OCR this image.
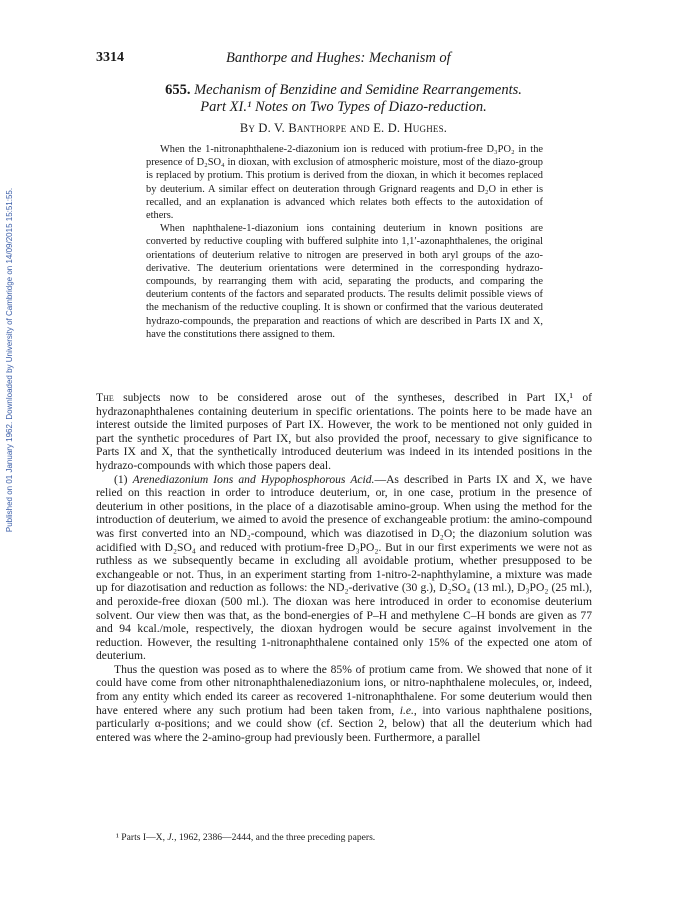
Published on 01 January 1962. Downloaded by University of Cambridge on 14/09/2015 15:51:55.
3314	Banthorpe and Hughes: Mechanism of

655. Mechanism of Benzidine and Semidine Rearrangements.

Part XI.¹ Notes on Two Types of Diazo-reduction.

By D. V. Banthorpe and E. D. Hughes.

When the 1-nitronaphthalene-2-diazonium ion is reduced with protium-free D₃PO₂ in the presence of D₂SO₄ in dioxan, with exclusion of atmospheric moisture, most of the diazo-group is replaced by protium. This protium is derived from the dioxan, in which it becomes replaced by deuterium. A similar effect on deuteration through Grignard reagents and D₂O in ether is recalled, and an explanation is advanced which relates both effects to the autoxidation of ethers.

When naphthalene-1-diazonium ions containing deuterium in known positions are converted by reductive coupling with buffered sulphite into 1,1′-azonaphthalenes, the original orientations of deuterium relative to nitrogen are preserved in both aryl groups of the azo-derivative. The deuterium orientations were determined in the corresponding hydrazo-compounds, by rearranging them with acid, separating the products, and comparing the deuterium contents of the factors and separated products. The results delimit possible views of the mechanism of the reductive coupling. It is shown or confirmed that the various deuterated hydrazo-compounds, the preparation and reactions of which are described in Parts IX and X, have the constitutions there assigned to them.

The subjects now to be considered arose out of the syntheses, described in Part IX,¹ of hydrazonaphthalenes containing deuterium in specific orientations. The points here to be made have an interest outside the limited purposes of Part IX. However, the work to be mentioned not only guided in part the synthetic procedures of Part IX, but also provided the proof, necessary to give significance to Parts IX and X, that the synthetically introduced deuterium was indeed in its intended positions in the hydrazo-compounds with which those papers deal.

(1) Arenediazonium Ions and Hypophosphorous Acid.—As described in Parts IX and X, we have relied on this reaction in order to introduce deuterium, or, in one case, protium in the presence of deuterium in other positions, in the place of a diazotisable amino-group. When using the method for the introduction of deuterium, we aimed to avoid the presence of exchangeable protium: the amino-compound was first converted into an ND₂-compound, which was diazotised in D₂O; the diazonium solution was acidified with D₂SO₄ and reduced with protium-free D₃PO₂. But in our first experiments we were not as ruthless as we subsequently became in excluding all avoidable protium, whether presupposed to be exchangeable or not. Thus, in an experiment starting from 1-nitro-2-naphthylamine, a mixture was made up for diazotisation and reduction as follows: the ND₂-derivative (30 g.), D₂SO₄ (13 ml.), D₃PO₂ (25 ml.), and peroxide-free dioxan (500 ml.). The dioxan was here introduced in order to economise deuterium solvent. Our view then was that, as the bond-energies of P–H and methylene C–H bonds are given as 77 and 94 kcal./mole, respectively, the dioxan hydrogen would be secure against involvement in the reduction. However, the resulting 1-nitronaphthalene contained only 15% of the expected one atom of deuterium.

Thus the question was posed as to where the 85% of protium came from. We showed that none of it could have come from other nitronaphthalenediazonium ions, or nitro-naphthalene molecules, or, indeed, from any entity which ended its career as recovered 1-nitronaphthalene. For some deuterium would then have entered where any such protium had been taken from, i.e., into various naphthalene positions, particularly α-positions; and we could show (cf. Section 2, below) that all the deuterium which had entered was where the 2-amino-group had previously been. Furthermore, a parallel

¹ Parts I—X, J., 1962, 2386—2444, and the three preceding papers.
